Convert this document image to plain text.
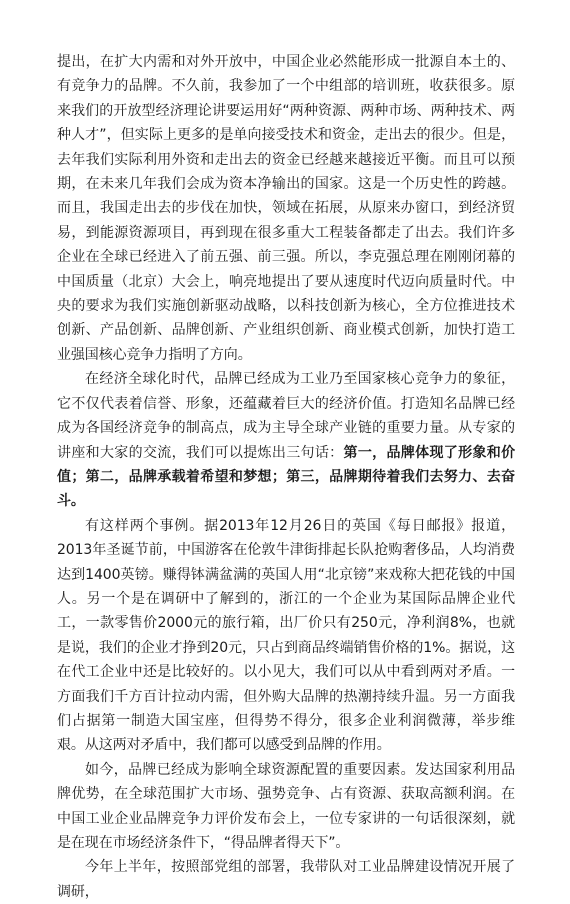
提出，在扩大内需和对外开放中，中国企业必然能形成一批源自本土的、有竞争力的品牌。不久前，我参加了一个中组部的培训班，收获很多。原来我们的开放型经济理论讲要运用好“两种资源、两种市场、两种技术、两种人才”，但实际上更多的是单向接受技术和资金，走出去的很少。但是，去年我们实际利用外资和走出去的资金已经越来越接近平衡。而且可以预期，在未来几年我们会成为资本净输出的国家。这是一个历史性的跨越。而且，我国走出去的步伐在加快，领域在拓展，从原来办窗口，到经济贸易，到能源资源项目，再到现在很多重大工程装备都走了出去。我们许多企业在全球已经进入了前五强、前三强。所以，李克强总理在刚刚闭幕的中国质量（北京）大会上，响亮地提出了要从速度时代迈向质量时代。中央的要求为我们实施创新驱动战略，以科技创新为核心，全方位推进技术创新、产品创新、品牌创新、产业组织创新、商业模式创新，加快打造工业强国核心竞争力指明了方向。

在经济全球化时代，品牌已经成为工业乃至国家核心竞争力的象征，它不仅代表着信誉、形象，还蕴藏着巨大的经济价值。打造知名品牌已经成为各国经济竞争的制高点，成为主导全球产业链的重要力量。从专家的讲座和大家的交流，我们可以提炼出三句话：第一，品牌体现了形象和价值；第二，品牌承载着希望和梦想；第三，品牌期待着我们去努力、去奋斗。

有这样两个事例。据2013年12月26日的英国《每日邮报》报道，2013年圣诞节前，中国游客在伦敦牛津街排起长队抢购奢侈品，人均消费达到1400英镑。赚得钵满盆满的英国人用“北京镑”来戏称大把花钱的中国人。另一个是在调研中了解到的，浙江的一个企业为某国际品牌企业代工，一款零售价2000元的旅行箱，出厂价只有250元，净利润8%，也就是说，我们的企业才挣到20元，只占到商品终端销售价格的1%。据说，这在代工企业中还是比较好的。以小见大，我们可以从中看到两对矛盾。一方面我们千方百计拉动内需，但外购大品牌的热潮持续升温。另一方面我们占据第一制造大国宝座，但得势不得分，很多企业利润微薄，举步维艰。从这两对矛盾中，我们都可以感受到品牌的作用。

如今，品牌已经成为影响全球资源配置的重要因素。发达国家利用品牌优势，在全球范围扩大市场、强势竞争、占有资源、获取高额利润。在中国工业企业品牌竞争力评价发布会上，一位专家讲的一句话很深刻，就是在现在市场经济条件下，“得品牌者得天下”。

今年上半年，按照部党组的部署，我带队对工业品牌建设情况开展了调研，
